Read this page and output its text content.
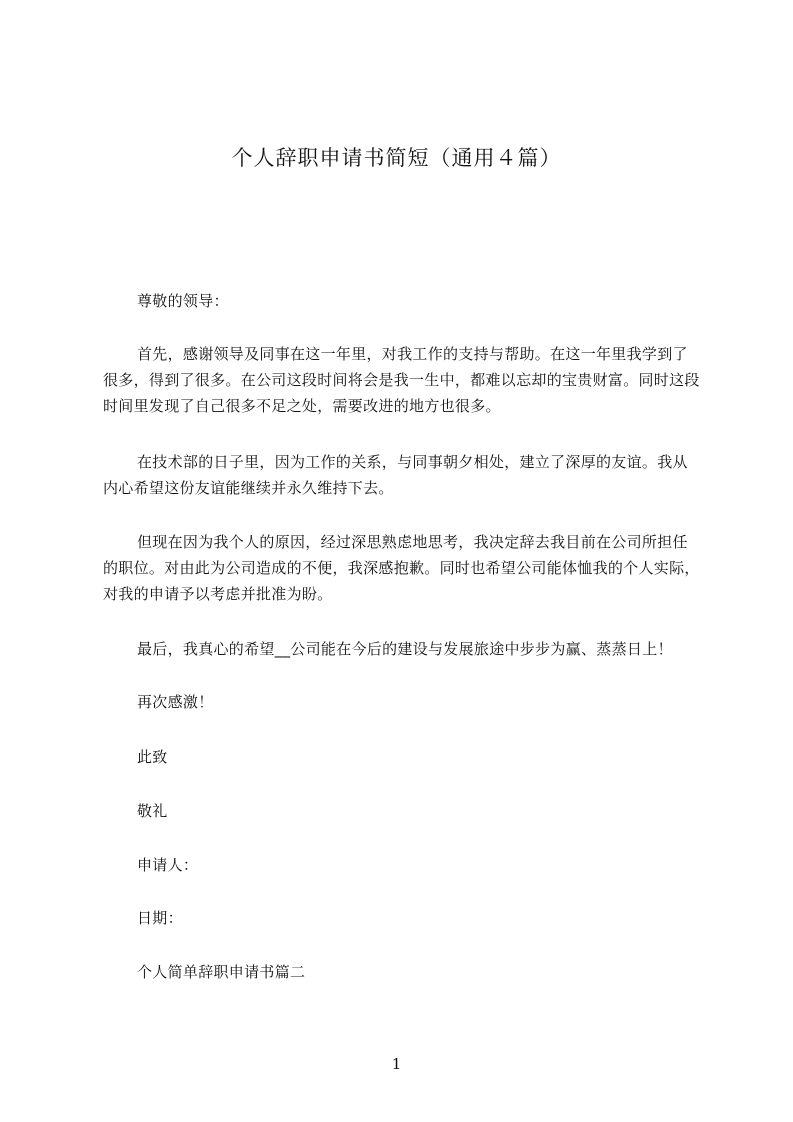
个人辞职申请书简短（通用４篇）

尊敬的领导：

首先，感谢领导及同事在这一年里，对我工作的支持与帮助。在这一年里我学到了很多，得到了很多。在公司这段时间将会是我一生中，都难以忘却的宝贵财富。同时这段时间里发现了自己很多不足之处，需要改进的地方也很多。

在技术部的日子里，因为工作的关系，与同事朝夕相处，建立了深厚的友谊。我从内心希望这份友谊能继续并永久维持下去。

但现在因为我个人的原因，经过深思熟虑地思考，我决定辞去我目前在公司所担任的职位。对由此为公司造成的不便，我深感抱歉。同时也希望公司能体恤我的个人实际，对我的申请予以考虑并批准为盼。

最后，我真心的希望__公司能在今后的建设与发展旅途中步步为赢、蒸蒸日上！

再次感激！

此致

敬礼

申请人：

日期：

个人简单辞职申请书篇二

1
